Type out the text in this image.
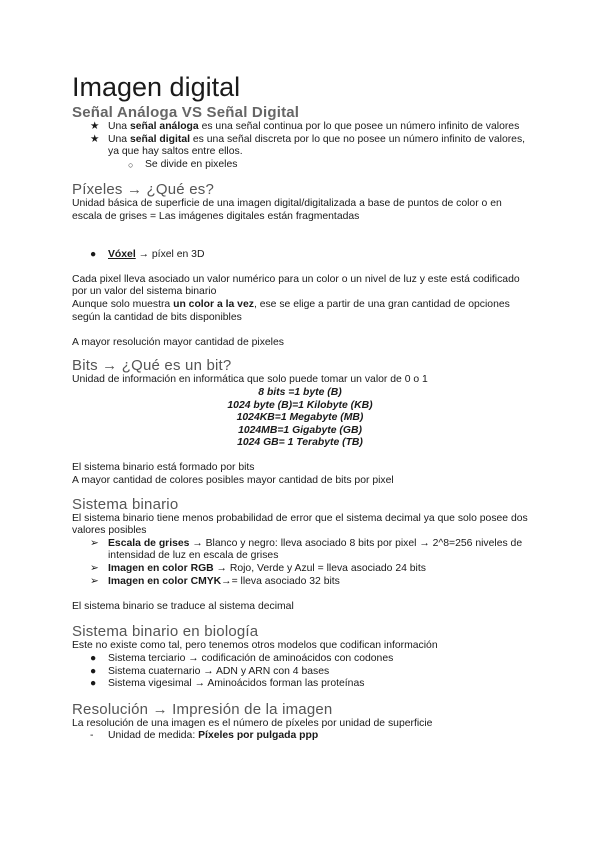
Imagen digital
Señal Análoga VS Señal Digital
★ Una señal análoga es una señal continua por lo que posee un número infinito de valores
★ Una señal digital es una señal discreta por lo que no posee un número infinito de valores, ya que hay saltos entre ellos.
○ Se divide en pixeles
Píxeles → ¿Qué es?

Unidad básica de superficie de una imagen digital/digitalizada a base de puntos de color o en escala de grises = Las imágenes digitales están fragmentadas

● Vóxel → píxel en 3D

Cada pixel lleva asociado un valor numérico para un color o un nivel de luz y este está codificado por un valor del sistema binario

Aunque solo muestra un color a la vez, ese se elige a partir de una gran cantidad de opciones según la cantidad de bits disponibles

A mayor resolución mayor cantidad de pixeles

Bits → ¿Qué es un bit?

Unidad de información en informática que solo puede tomar un valor de 0 o 1

8 bits =1 byte (B)
1024 byte (B)=1 Kilobyte (KB)
1024KB=1 Megabyte (MB)
1024MB=1 Gigabyte (GB)
1024 GB= 1 Terabyte (TB)

El sistema binario está formado por bits

A mayor cantidad de colores posibles mayor cantidad de bits por pixel

Sistema binario

El sistema binario tiene menos probabilidad de error que el sistema decimal ya que solo posee dos valores posibles

➢ Escala de grises → Blanco y negro: lleva asociado 8 bits por pixel → 2^8=256 niveles de intensidad de luz en escala de grises
➢ Imagen en color RGB → Rojo, Verde y Azul = lleva asociado 24 bits
➢ Imagen en color CMYK→= lleva asociado 32 bits

El sistema binario se traduce al sistema decimal

Sistema binario en biología

Este no existe como tal, pero tenemos otros modelos que codifican información

● Sistema terciario → codificación de aminoácidos con codones
● Sistema cuaternario → ADN y ARN con 4 bases
● Sistema vigesimal → Aminoácidos forman las proteínas
Resolución → Impresión de la imagen

La resolución de una imagen es el número de píxeles por unidad de superficie

- Unidad de medida: Píxeles por pulgada ppp
